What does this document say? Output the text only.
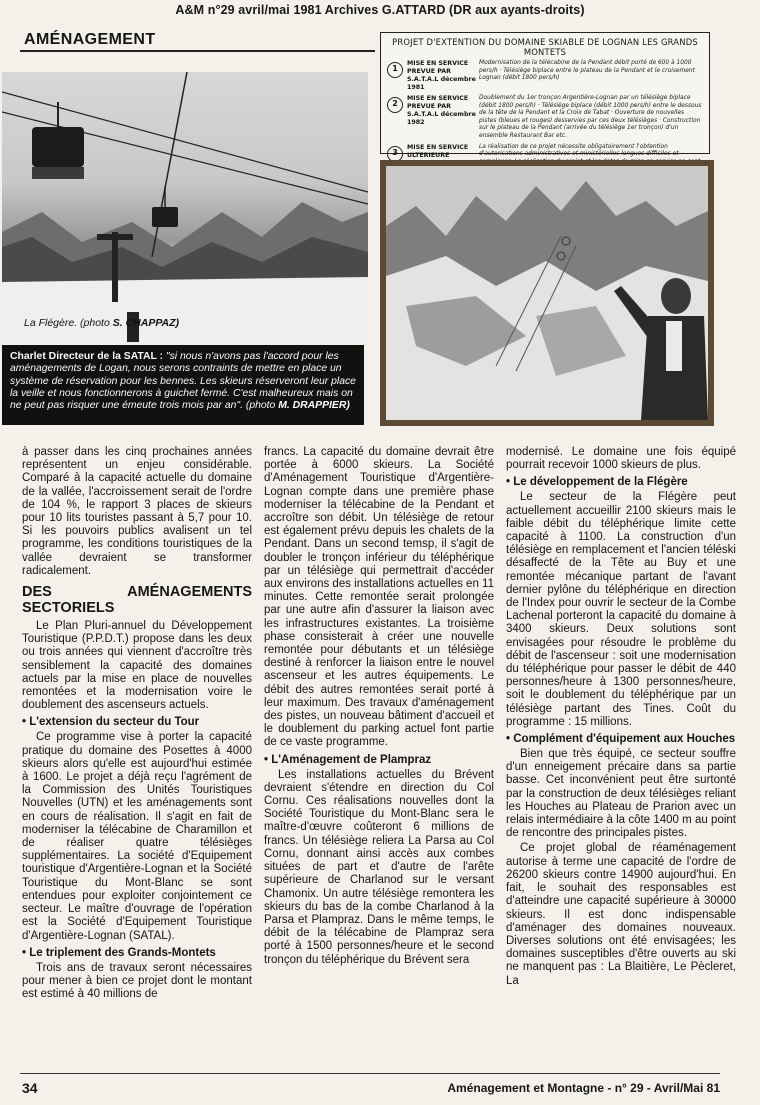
A&M n°29 avril/mai 1981 Archives G.ATTARD (DR aux ayants-droits)
AMÉNAGEMENT
La Flégère. (photo S. CHAPPAZ)
Charlet Directeur de la SATAL : "si nous n'avons pas l'accord pour les aménagements de Logan, nous serons contraints de mettre en place un système de réservation pour les bennes. Les skieurs réserveront leur place la veille et nous fonctionnerons à guichet fermé. C'est malheureux mais on ne peut pas risquer une émeute trois mois par an". (photo M. DRAPPIER)
PROJET D'EXTENTION DU DOMAINE SKIABLE DE LOGNAN LES GRANDS MONTETS
1
MISE EN SERVICE PREVUE PAR S.A.T.A.L décembre 1981
Modernisation de la télécabine de la Pendant débit porté de 600 à 1000 pers/h · Télésiège biplace entre le plateau de la Pendant et le croisement Lognan (débit 1800 pers/h)
2
MISE EN SERVICE PREVUE PAR S.A.T.A.L décembre 1982
Doublement du 1er tronçon Argentière-Lognan par un télésiège biplace (débit 1800 pers/h) · Télésiège biplace (débit 1000 pers/h) entre le dessous de la tête de la Pendant et la Croix de Tabat · Ouverture de nouvelles pistes (bleues et rouges) desservies par ces deux télésièges · Construction sur le plateau de la Pendant (arrivée du télésiège 1er tronçon) d'un ensemble Restaurant Bar etc.
3
MISE EN SERVICE ULTERIEURE
La réalisation de ce projet nécessite obligatoirement l'obtention d'autorisations administratives et ministérielles longues difficiles et

à passer dans les cinq prochaines années représentent un enjeu considérable. Comparé à la capacité actuelle du domaine de la vallée, l'accroissement serait de l'ordre de 104 %, le rapport 3 places de skieurs pour 10 lits touristes passant à 5,7 pour 10. Si les pouvoirs publics avalisent un tel programme, les conditions touristiques de la vallée devraient se transformer radicalement.

DES AMÉNAGEMENTS SECTORIELS

Le Plan Pluri-annuel du Développement Touristique (P.P.D.T.) propose dans les deux ou trois années qui viennent d'accroître très sensiblement la capacité des domaines actuels par la mise en place de nouvelles remontées et la modernisation voire le doublement des ascenseurs actuels.

• L'extension du secteur du Tour

Ce programme vise à porter la capacité pratique du domaine des Posettes à 4000 skieurs alors qu'elle est aujourd'hui estimée à 1600. Le projet a déjà reçu l'agrément de la Commission des Unités Touristiques Nouvelles (UTN) et les aménagements sont en cours de réalisation. Il s'agit en fait de moderniser la télécabine de Charamillon et de réaliser quatre télésièges supplémentaires. La société d'Equipement touristique d'Argentière-Lognan et la Société Touristique du Mont-Blanc se sont entendues pour exploiter conjointement ce secteur. Le maître d'ouvrage de l'opération est la Société d'Equipement Touristique d'Argentière-Lognan (SATAL).

• Le triplement des Grands-Montets

Trois ans de travaux seront nécessaires pour mener à bien ce projet dont le montant est estimé à 40 millions de

francs. La capacité du domaine devrait être portée à 6000 skieurs. La Société d'Aménagement Touristique d'Argentière-Lognan compte dans une première phase moderniser la télécabine de la Pendant et accroître son débit. Un télésiège de retour est également prévu depuis les chalets de la Pendant. Dans un second temsp, il s'agit de doubler le tronçon inférieur du téléphérique par un télésiège qui permettrait d'accéder aux environs des installations actuelles en 11 minutes. Cette remontée serait prolongée par une autre afin d'assurer la liaison avec les infrastructures existantes. La troisième phase consisterait à créer une nouvelle remontée pour débutants et un télésiège destiné à renforcer la liaison entre le nouvel ascenseur et les autres équipements. Le débit des autres remontées serait porté à leur maximum. Des travaux d'aménagement des pistes, un nouveau bâtiment d'accueil et le doublement du parking actuel font partie de ce vaste programme.

• L'Aménagement de Plampraz

Les installations actuelles du Brévent devraient s'étendre en direction du Col Cornu. Ces réalisations nouvelles dont la Société Touristique du Mont-Blanc sera le maître-d'œuvre coûteront 6 millions de francs. Un télésiège reliera La Parsa au Col Cornu, donnant ainsi accès aux combes situées de part et d'autre de l'arête supérieure de Charlanod sur le versant Chamonix. Un autre télésiège remontera les skieurs du bas de la combe Charlanod à la Parsa et Plampraz. Dans le même temps, le débit de la télécabine de Plampraz sera porté à 1500 personnes/heure et le second tronçon du téléphérique du Brévent sera

modernisé. Le domaine une fois équipé pourrait recevoir 1000 skieurs de plus.

• Le développement de la Flégère

Le secteur de la Flégère peut actuellement accueillir 2100 skieurs mais le faible débit du téléphérique limite cette capacité à 1100. La construction d'un télésiège en remplacement et l'ancien téléski désaffecté de la Tête au Buy et une remontée mécanique partant de l'avant dernier pylône du téléphérique en direction de l'Index pour ouvrir le secteur de la Combe Lachenal porteront la capacité du domaine à 3400 skieurs. Deux solutions sont envisagées pour résoudre le problème du débit de l'ascenseur : soit une modernisation du téléphérique pour passer le débit de 440 personnes/heure à 1300 personnes/heure, soit le doublement du téléphérique par un télésiège partant des Tines. Coût du programme : 15 millions.

• Complément d'équipement aux Houches

Bien que très équipé, ce secteur souffre d'un enneigement précaire dans sa partie basse. Cet inconvénient peut être surtonté par la construction de deux télésièges reliant les Houches au Plateau de Prarion avec un relais intermédiaire à la côte 1400 m au point de rencontre des principales pistes.

Ce projet global de réaménagement autorise à terme une capacité de l'ordre de 26200 skieurs contre 14900 aujourd'hui. En fait, le souhait des responsables est d'atteindre une capacité supérieure à 30000 skieurs. Il est donc indispensable d'aménager des domaines nouveaux. Diverses solutions ont été envisagées; les domaines susceptibles d'être ouverts au ski ne manquent pas : La Blaitière, Le Pècleret, La

34	Aménagement et Montagne - n° 29 - Avril/Mai 81
